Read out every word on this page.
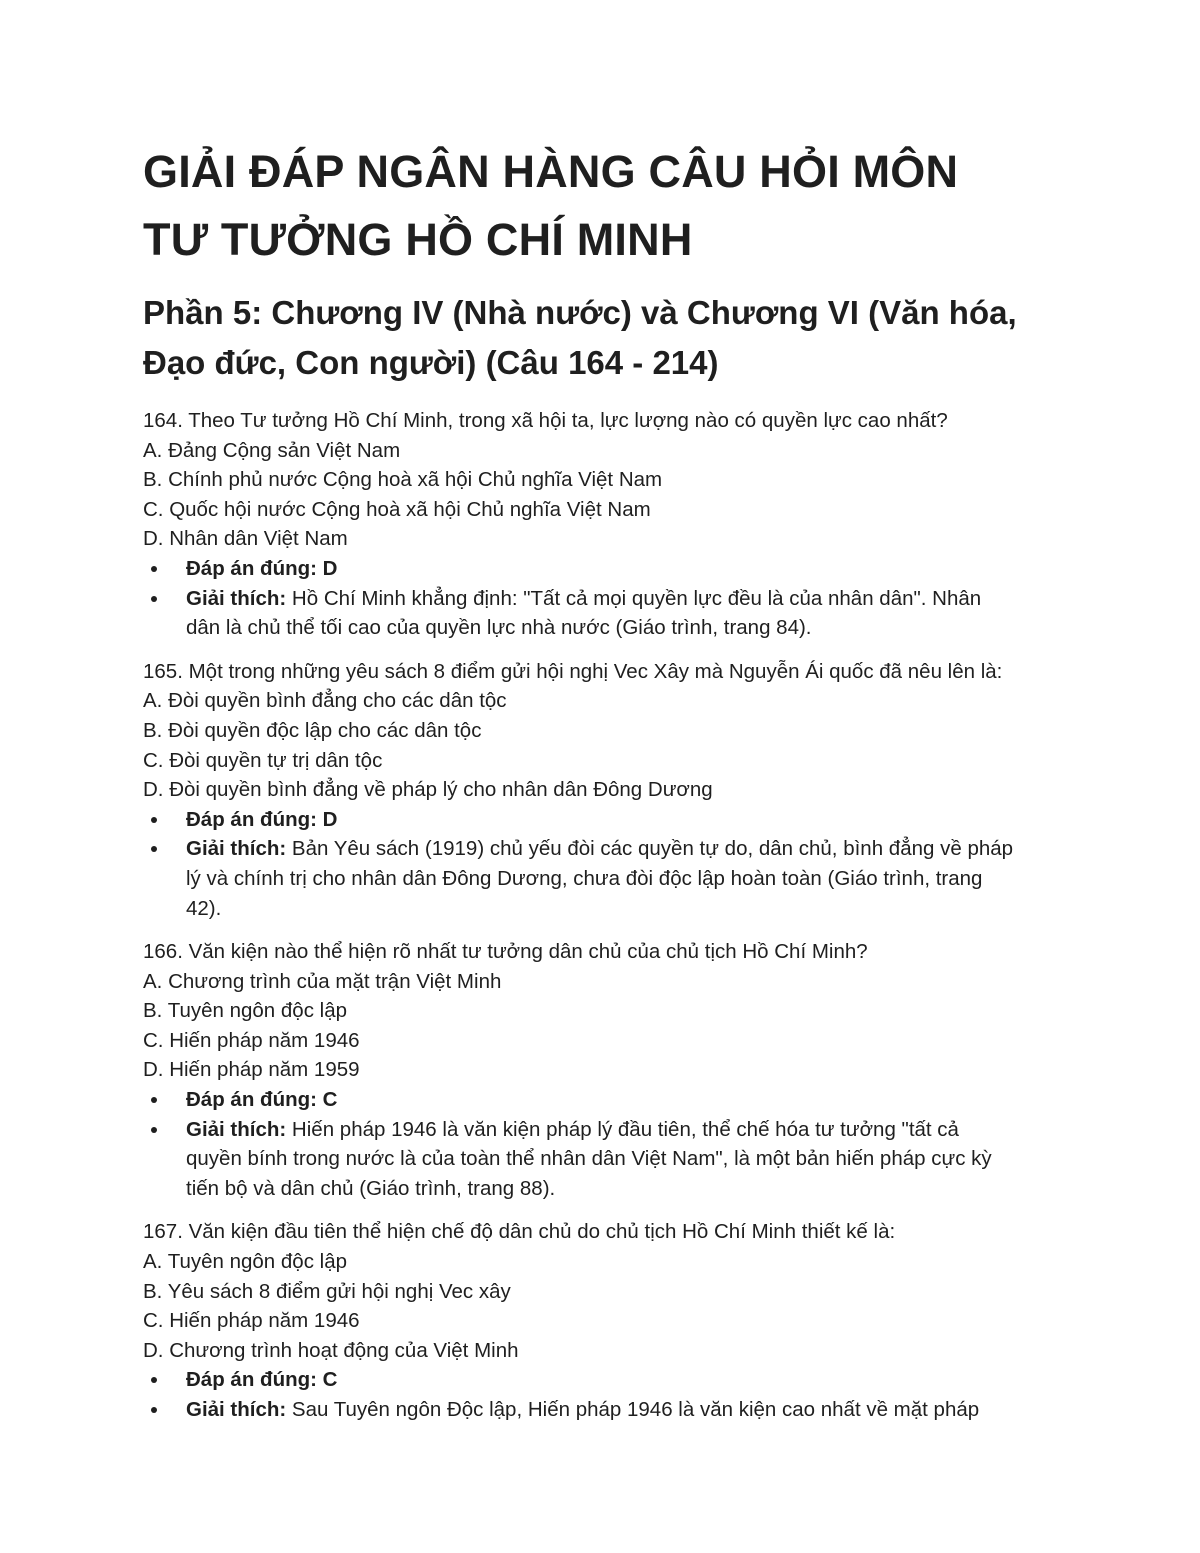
GIẢI ĐÁP NGÂN HÀNG CÂU HỎI MÔN
TƯ TƯỞNG HỒ CHÍ MINH
Phần 5: Chương IV (Nhà nước) và Chương VI (Văn hóa,
Đạo đức, Con người) (Câu 164 - 214)
164. Theo Tư tưởng Hồ Chí Minh, trong xã hội ta, lực lượng nào có quyền lực cao nhất?
A. Đảng Cộng sản Việt Nam
B. Chính phủ nước Cộng hoà xã hội Chủ nghĩa Việt Nam
C. Quốc hội nước Cộng hoà xã hội Chủ nghĩa Việt Nam
D. Nhân dân Việt Nam
Đáp án đúng: D
Giải thích: Hồ Chí Minh khẳng định: "Tất cả mọi quyền lực đều là của nhân dân". Nhân
dân là chủ thể tối cao của quyền lực nhà nước (Giáo trình, trang 84).
165. Một trong những yêu sách 8 điểm gửi hội nghị Vec Xây mà Nguyễn Ái quốc đã nêu lên là:
A. Đòi quyền bình đẳng cho các dân tộc
B. Đòi quyền độc lập cho các dân tộc
C. Đòi quyền tự trị dân tộc
D. Đòi quyền bình đẳng về pháp lý cho nhân dân Đông Dương
Đáp án đúng: D
Giải thích: Bản Yêu sách (1919) chủ yếu đòi các quyền tự do, dân chủ, bình đẳng về pháp
lý và chính trị cho nhân dân Đông Dương, chưa đòi độc lập hoàn toàn (Giáo trình, trang
42).
166. Văn kiện nào thể hiện rõ nhất tư tưởng dân chủ của chủ tịch Hồ Chí Minh?
A. Chương trình của mặt trận Việt Minh
B. Tuyên ngôn độc lập
C. Hiến pháp năm 1946
D. Hiến pháp năm 1959
Đáp án đúng: C
Giải thích: Hiến pháp 1946 là văn kiện pháp lý đầu tiên, thể chế hóa tư tưởng "tất cả
quyền bính trong nước là của toàn thể nhân dân Việt Nam", là một bản hiến pháp cực kỳ
tiến bộ và dân chủ (Giáo trình, trang 88).
167. Văn kiện đầu tiên thể hiện chế độ dân chủ do chủ tịch Hồ Chí Minh thiết kế là:
A. Tuyên ngôn độc lập
B. Yêu sách 8 điểm gửi hội nghị Vec xây
C. Hiến pháp năm 1946
D. Chương trình hoạt động của Việt Minh
Đáp án đúng: C
Giải thích: Sau Tuyên ngôn Độc lập, Hiến pháp 1946 là văn kiện cao nhất về mặt pháp
